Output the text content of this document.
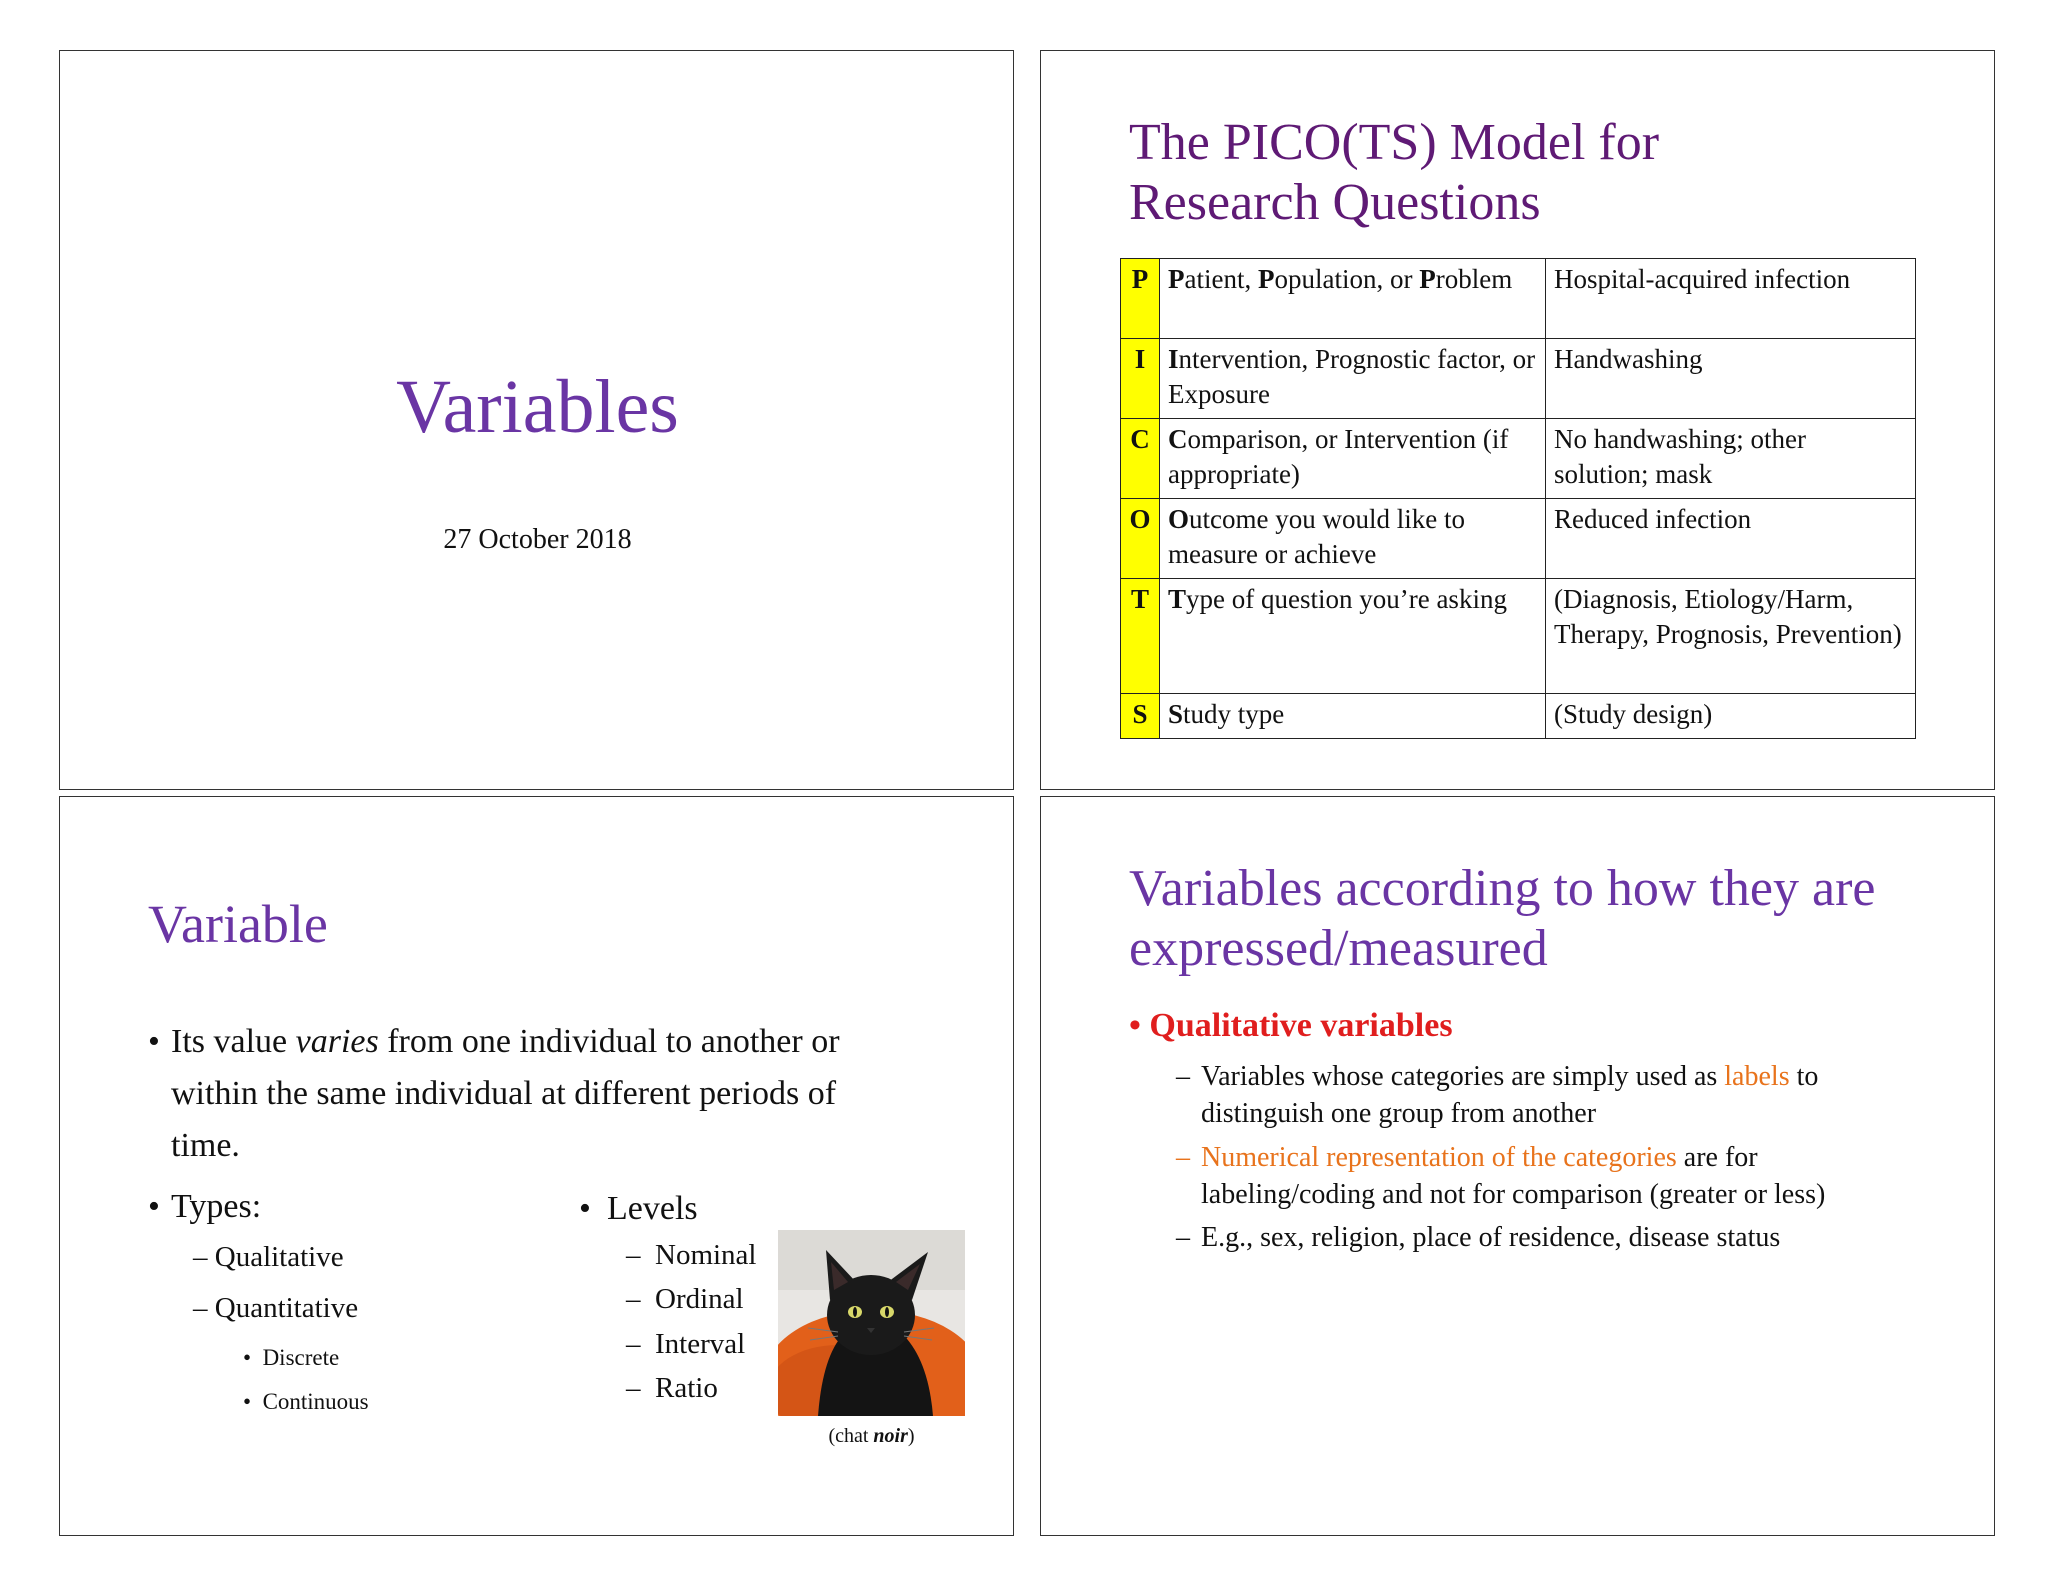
Variables
27 October 2018
The PICO(TS) Model for
Research Questions
P	Patient, Population, or Problem	Hospital-acquired infection
I	Intervention, Prognostic factor, or Exposure	Handwashing
C	Comparison, or Intervention (if appropriate)	No handwashing; other solution; mask
O	Outcome you would like to measure or achieve	Reduced infection
T	Type of question you’re asking	(Diagnosis, Etiology/Harm, Therapy, Prognosis, Prevention)
S	Study type	(Study design)
Variable
• Its value varies from one individual to another or within the same individual at different periods of time.
• Types:
– Qualitative
– Quantitative
• Discrete
• Continuous
• Levels
– Nominal
– Ordinal
– Interval
– Ratio
(chat noir)
Variables according to how they are expressed/measured
• Qualitative variables
– Variables whose categories are simply used as labels to distinguish one group from another
– Numerical representation of the categories are for labeling/coding and not for comparison (greater or less)
– E.g., sex, religion, place of residence, disease status
